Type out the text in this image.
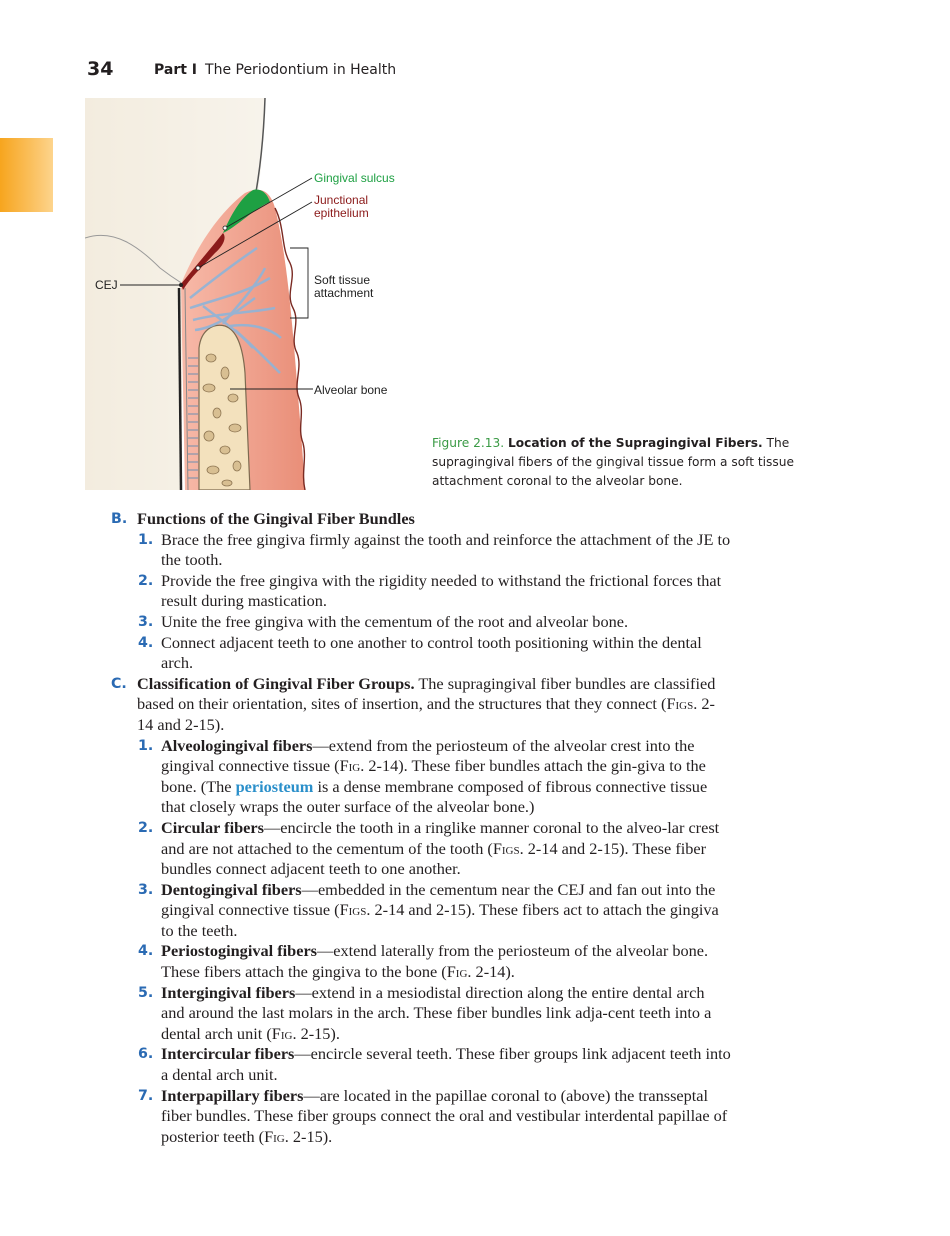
34	Part I The Periodontium in Health
Gingival sulcus
Junctional
epithelium
CEJ	Soft tissue
attachment
Alveolar bone
Figure 2.13. Location of the Supragingival Fibers. The supragingival fibers of the gingival tissue form a soft tissue attachment coronal to the alveolar bone.
B. Functions of the Gingival Fiber Bundles
1. Brace the free gingiva firmly against the tooth and reinforce the attachment of the JE to the tooth.
2. Provide the free gingiva with the rigidity needed to withstand the frictional forces that result during mastication.
3. Unite the free gingiva with the cementum of the root and alveolar bone.
4. Connect adjacent teeth to one another to control tooth positioning within the dental arch.
C. Classification of Gingival Fiber Groups. The supragingival fiber bundles are classified based on their orientation, sites of insertion, and the structures that they connect (Figs. 2-14 and 2-15).
1. Alveologingival fibers—extend from the periosteum of the alveolar crest into the gingival connective tissue (Fig. 2-14). These fiber bundles attach the gin-giva to the bone. (The periosteum is a dense membrane composed of fibrous connective tissue that closely wraps the outer surface of the alveolar bone.)
2. Circular fibers—encircle the tooth in a ringlike manner coronal to the alveo-lar crest and are not attached to the cementum of the tooth (Figs. 2-14 and 2-15). These fiber bundles connect adjacent teeth to one another.
3. Dentogingival fibers—embedded in the cementum near the CEJ and fan out into the gingival connective tissue (Figs. 2-14 and 2-15). These fibers act to attach the gingiva to the teeth.
4. Periostogingival fibers—extend laterally from the periosteum of the alveolar bone. These fibers attach the gingiva to the bone (Fig. 2-14).
5. Intergingival fibers—extend in a mesiodistal direction along the entire dental arch and around the last molars in the arch. These fiber bundles link adja-cent teeth into a dental arch unit (Fig. 2-15).
6. Intercircular fibers—encircle several teeth. These fiber groups link adjacent teeth into a dental arch unit.
7. Interpapillary fibers—are located in the papillae coronal to (above) the transseptal fiber bundles. These fiber groups connect the oral and vestibular interdental papillae of posterior teeth (Fig. 2-15).
